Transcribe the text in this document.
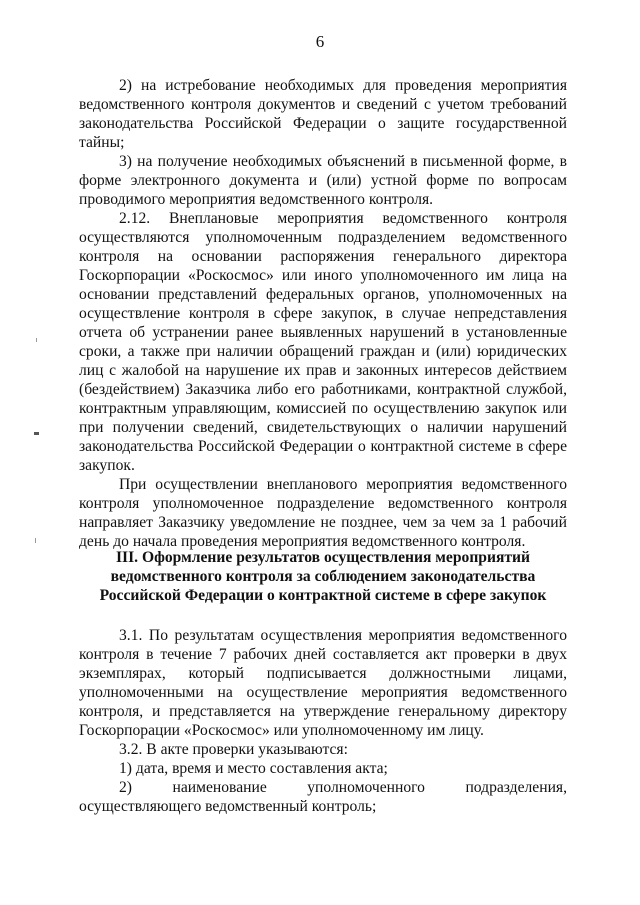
6

2) на истребование необходимых для проведения мероприятия ведомственного контроля документов и сведений с учетом требований законодательства Российской Федерации о защите государственной тайны;

3) на получение необходимых объяснений в письменной форме, в форме электронного документа и (или) устной форме по вопросам проводимого мероприятия ведомственного контроля.

2.12. Внеплановые мероприятия ведомственного контроля осуществляются уполномоченным подразделением ведомственного контроля на основании распоряжения генерального директора Госкорпорации «Роскосмос» или иного уполномоченного им лица на основании представлений федеральных органов, уполномоченных на осуществление контроля в сфере закупок, в случае непредставления отчета об устранении ранее выявленных нарушений в установленные сроки, а также при наличии обращений граждан и (или) юридических лиц с жалобой на нарушение их прав и законных интересов действием (бездействием) Заказчика либо его работниками, контрактной службой, контрактным управляющим, комиссией по осуществлению закупок или при получении сведений, свидетельствующих о наличии нарушений законодательства Российской Федерации о контрактной системе в сфере закупок.

При осуществлении внепланового мероприятия ведомственного контроля уполномоченное подразделение ведомственного контроля направляет Заказчику уведомление не позднее, чем за чем за 1 рабочий день до начала проведения мероприятия ведомственного контроля.

III. Оформление результатов осуществления мероприятий
ведомственного контроля за соблюдением законодательства
Российской Федерации о контрактной системе в сфере закупок

3.1. По результатам осуществления мероприятия ведомственного контроля в течение 7 рабочих дней составляется акт проверки в двух экземплярах, который подписывается должностными лицами, уполномоченными на осуществление мероприятия ведомственного контроля, и представляется на утверждение генеральному директору Госкорпорации «Роскосмос» или уполномоченному им лицу.

3.2. В акте проверки указываются:

1) дата, время и место составления акта;

2) наименование уполномоченного подразделения, осуществляющего ведомственный контроль;
